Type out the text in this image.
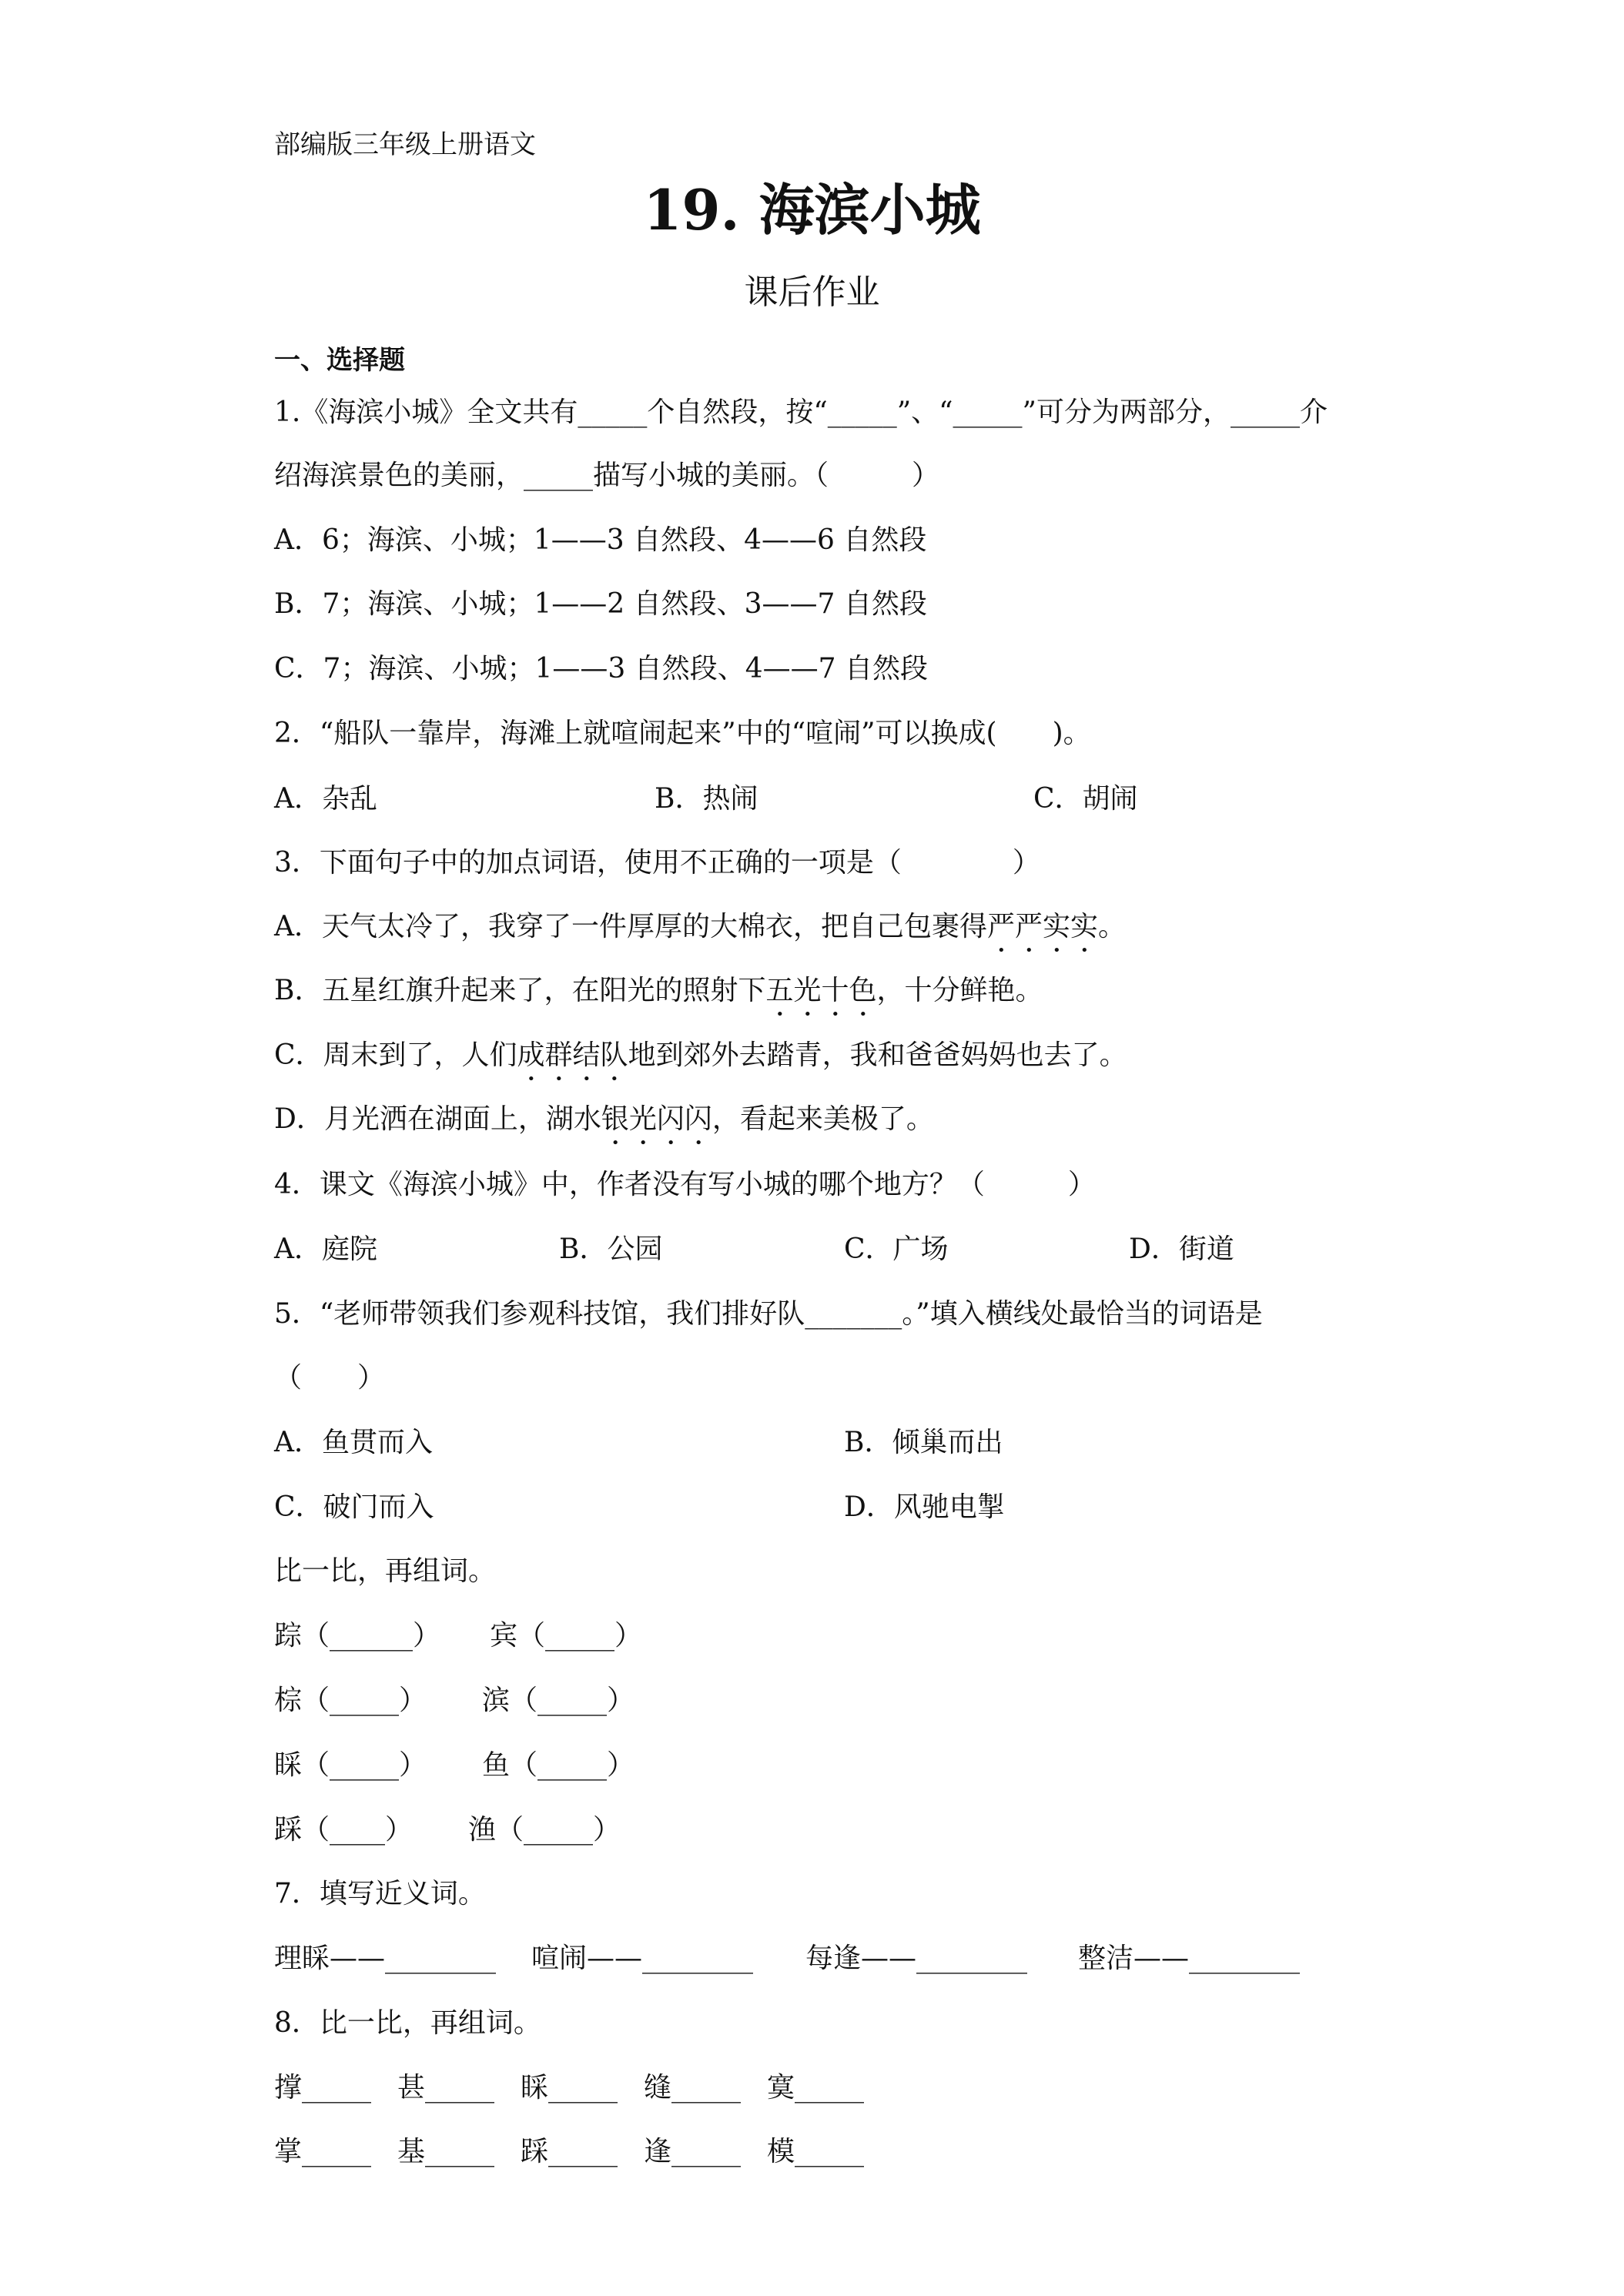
部编版三年级上册语文
19. 海滨小城
课后作业
一、选择题
1.《海滨小城》全文共有_____个自然段，按“_____”、“_____”可分为两部分，_____介
绍海滨景色的美丽，_____描写小城的美丽。（　　　）
A．6；海滨、小城；1——3 自然段、4——6 自然段
B．7；海滨、小城；1——2 自然段、3——7 自然段
C．7；海滨、小城；1——3 自然段、4——7 自然段
2．“船队一靠岸，海滩上就喧闹起来”中的“喧闹”可以换成(　　)。
A．杂乱	B．热闹	C．胡闹
3．下面句子中的加点词语，使用不正确的一项是（　　　　）
A．天气太冷了，我穿了一件厚厚的大棉衣，把自己包裹得严严实实。
B．五星红旗升起来了，在阳光的照射下五光十色，十分鲜艳。
C．周末到了，人们成群结队地到郊外去踏青，我和爸爸妈妈也去了。
D．月光洒在湖面上，湖水银光闪闪，看起来美极了。
4．课文《海滨小城》中，作者没有写小城的哪个地方？（　　　）
A．庭院	B．公园	C．广场	D．街道
5．“老师带领我们参观科技馆，我们排好队_______。”填入横线处最恰当的词语是
（　　）
A．鱼贯而入	B．倾巢而出
C．破门而入	D．风驰电掣
比一比，再组词。
踪（______） 宾（_____）
棕（_____） 滨（_____）
睬（_____） 鱼（_____）
踩（____） 渔（_____）
7．填写近义词。
理睬——________ 喧闹——________ 每逢——________ 整洁——________
8．比一比，再组词。
撑_____ 甚_____ 睬_____ 缝_____ 寞_____
掌_____ 基_____ 踩_____ 逢_____ 模_____
